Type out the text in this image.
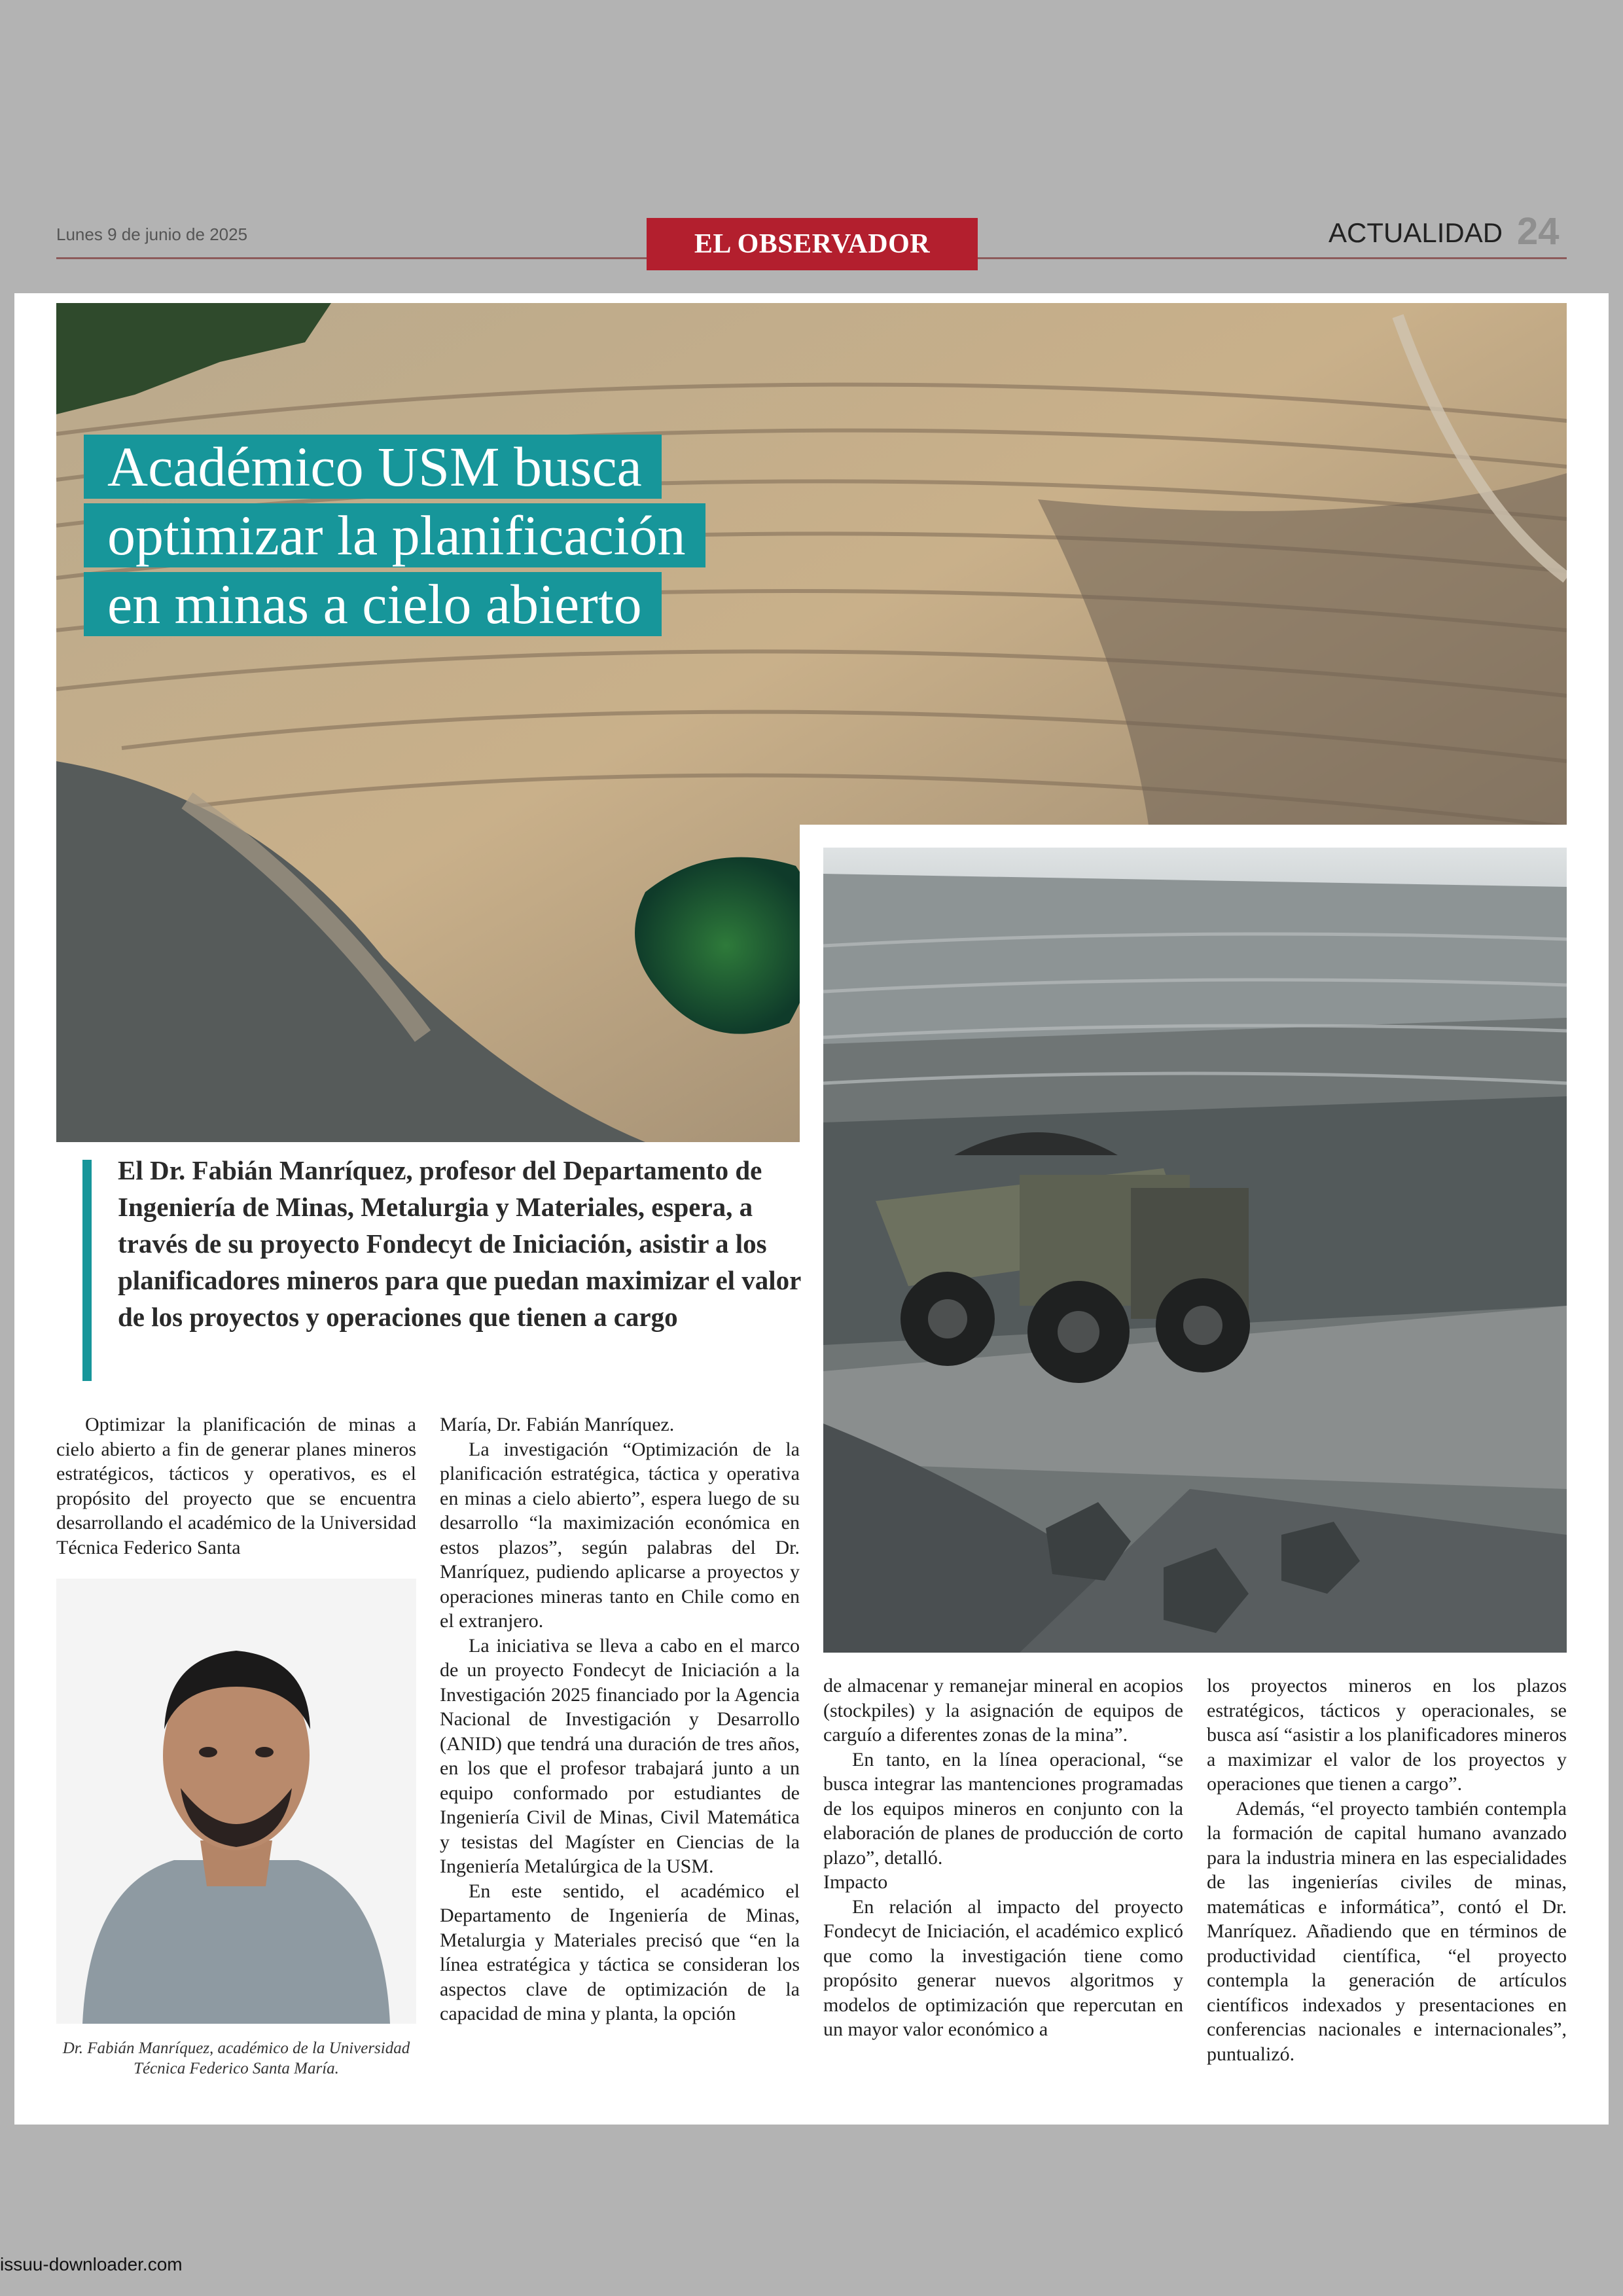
Lunes 9 de junio de 2025	EL OBSERVADOR	ACTUALIDAD 24
Académico USM busca
optimizar la planificación
en minas a cielo abierto
El Dr. Fabián Manríquez, profesor del Departamento de Ingeniería de Minas, Metalurgia y Materiales, espera, a través de su proyecto Fondecyt de Iniciación, asistir a los planificadores mineros para que puedan maximizar el valor de los proyectos y operaciones que tienen a cargo
Dr. Fabián Manríquez, académico de la Universidad Técnica Federico Santa María.

Optimizar la planificación de minas a cielo abierto a fin de generar planes mineros estratégicos, tácticos y operativos, es el propósito del proyecto que se encuentra desarrollando el académico de la Universidad Técnica Federico Santa

María, Dr. Fabián Manríquez.

La investigación “Optimización de la planificación estratégica, táctica y operativa en minas a cielo abierto”, espera luego de su desarrollo “la maximización económica en estos plazos”, según palabras del Dr. Manríquez, pudiendo aplicarse a proyectos y operaciones mineras tanto en Chile como en el extranjero.

La iniciativa se lleva a cabo en el marco de un proyecto Fondecyt de Iniciación a la Investigación 2025 financiado por la Agencia Nacional de Investigación y Desarrollo (ANID) que tendrá una duración de tres años, en los que el profesor trabajará junto a un equipo conformado por estudiantes de Ingeniería Civil de Minas, Civil Matemática y tesistas del Magíster en Ciencias de la Ingeniería Metalúrgica de la USM.

En este sentido, el académico el Departamento de Ingeniería de Minas, Metalurgia y Materiales precisó que “en la línea estratégica y táctica se consideran los aspectos clave de optimización de la capacidad de mina y planta, la opción

de almacenar y remanejar mineral en acopios (stockpiles) y la asignación de equipos de carguío a diferentes zonas de la mina”.

En tanto, en la línea operacional, “se busca integrar las mantenciones programadas de los equipos mineros en conjunto con la elaboración de planes de producción de corto plazo”, detalló.

Impacto

En relación al impacto del proyecto Fondecyt de Iniciación, el académico explicó que como la investigación tiene como propósito generar nuevos algoritmos y modelos de optimización que repercutan en un mayor valor económico a

los proyectos mineros en los plazos estratégicos, tácticos y operacionales, se busca así “asistir a los planificadores mineros a maximizar el valor de los proyectos y operaciones que tienen a cargo”.

Además, “el proyecto también contempla la formación de capital humano avanzado para la industria minera en las especialidades de las ingenierías civiles de minas, matemáticas e informática”, contó el Dr. Manríquez. Añadiendo que en términos de productividad científica, “el proyecto contempla la generación de artículos científicos indexados y presentaciones en conferencias nacionales e internacionales”, puntualizó.

issuu-downloader.com
